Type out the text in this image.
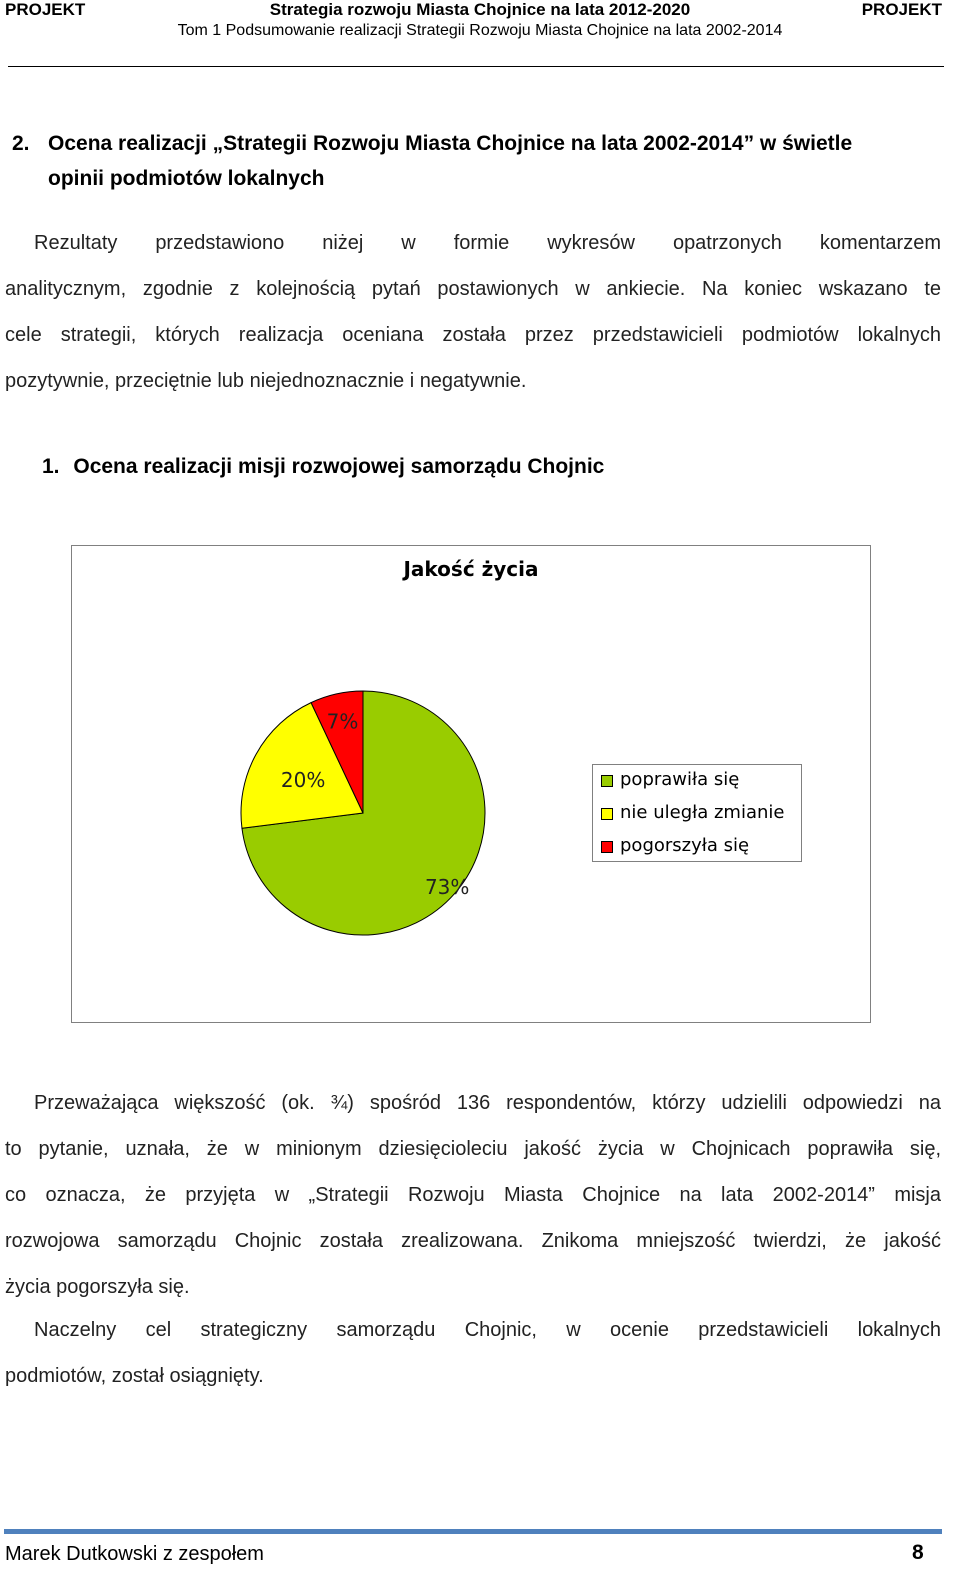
PROJEKT	Strategia rozwoju Miasta Chojnice na lata 2012-2020	PROJEKT
Tom 1 Podsumowanie realizacji Strategii Rozwoju Miasta Chojnice na lata 2002-2014
2. Ocena realizacji „Strategii Rozwoju Miasta Chojnice na lata 2002-2014” w świetle
opinii podmiotów lokalnych
Rezultaty przedstawiono niżej w formie wykresów opatrzonych komentarzem
analitycznym, zgodnie z kolejnością pytań postawionych w ankiecie. Na koniec wskazano te
cele strategii, których realizacja oceniana została przez przedstawicieli podmiotów lokalnych
pozytywnie, przeciętnie lub niejednoznacznie i negatywnie.
1. Ocena realizacji misji rozwojowej samorządu Chojnic
Jakość życia
73%
20%
7%
poprawiła się
nie uległa zmianie
pogorszyła się
Przeważająca większość (ok. ¾) spośród 136 respondentów, którzy udzielili odpowiedzi na
to pytanie, uznała, że w minionym dziesięcioleciu jakość życia w Chojnicach poprawiła się,
co oznacza, że przyjęta w „Strategii Rozwoju Miasta Chojnice na lata 2002-2014” misja
rozwojowa samorządu Chojnic została zrealizowana. Znikoma mniejszość twierdzi, że jakość
życia pogorszyła się.
Naczelny cel strategiczny samorządu Chojnic, w ocenie przedstawicieli lokalnych
podmiotów, został osiągnięty.
Marek Dutkowski z zespołem	8
